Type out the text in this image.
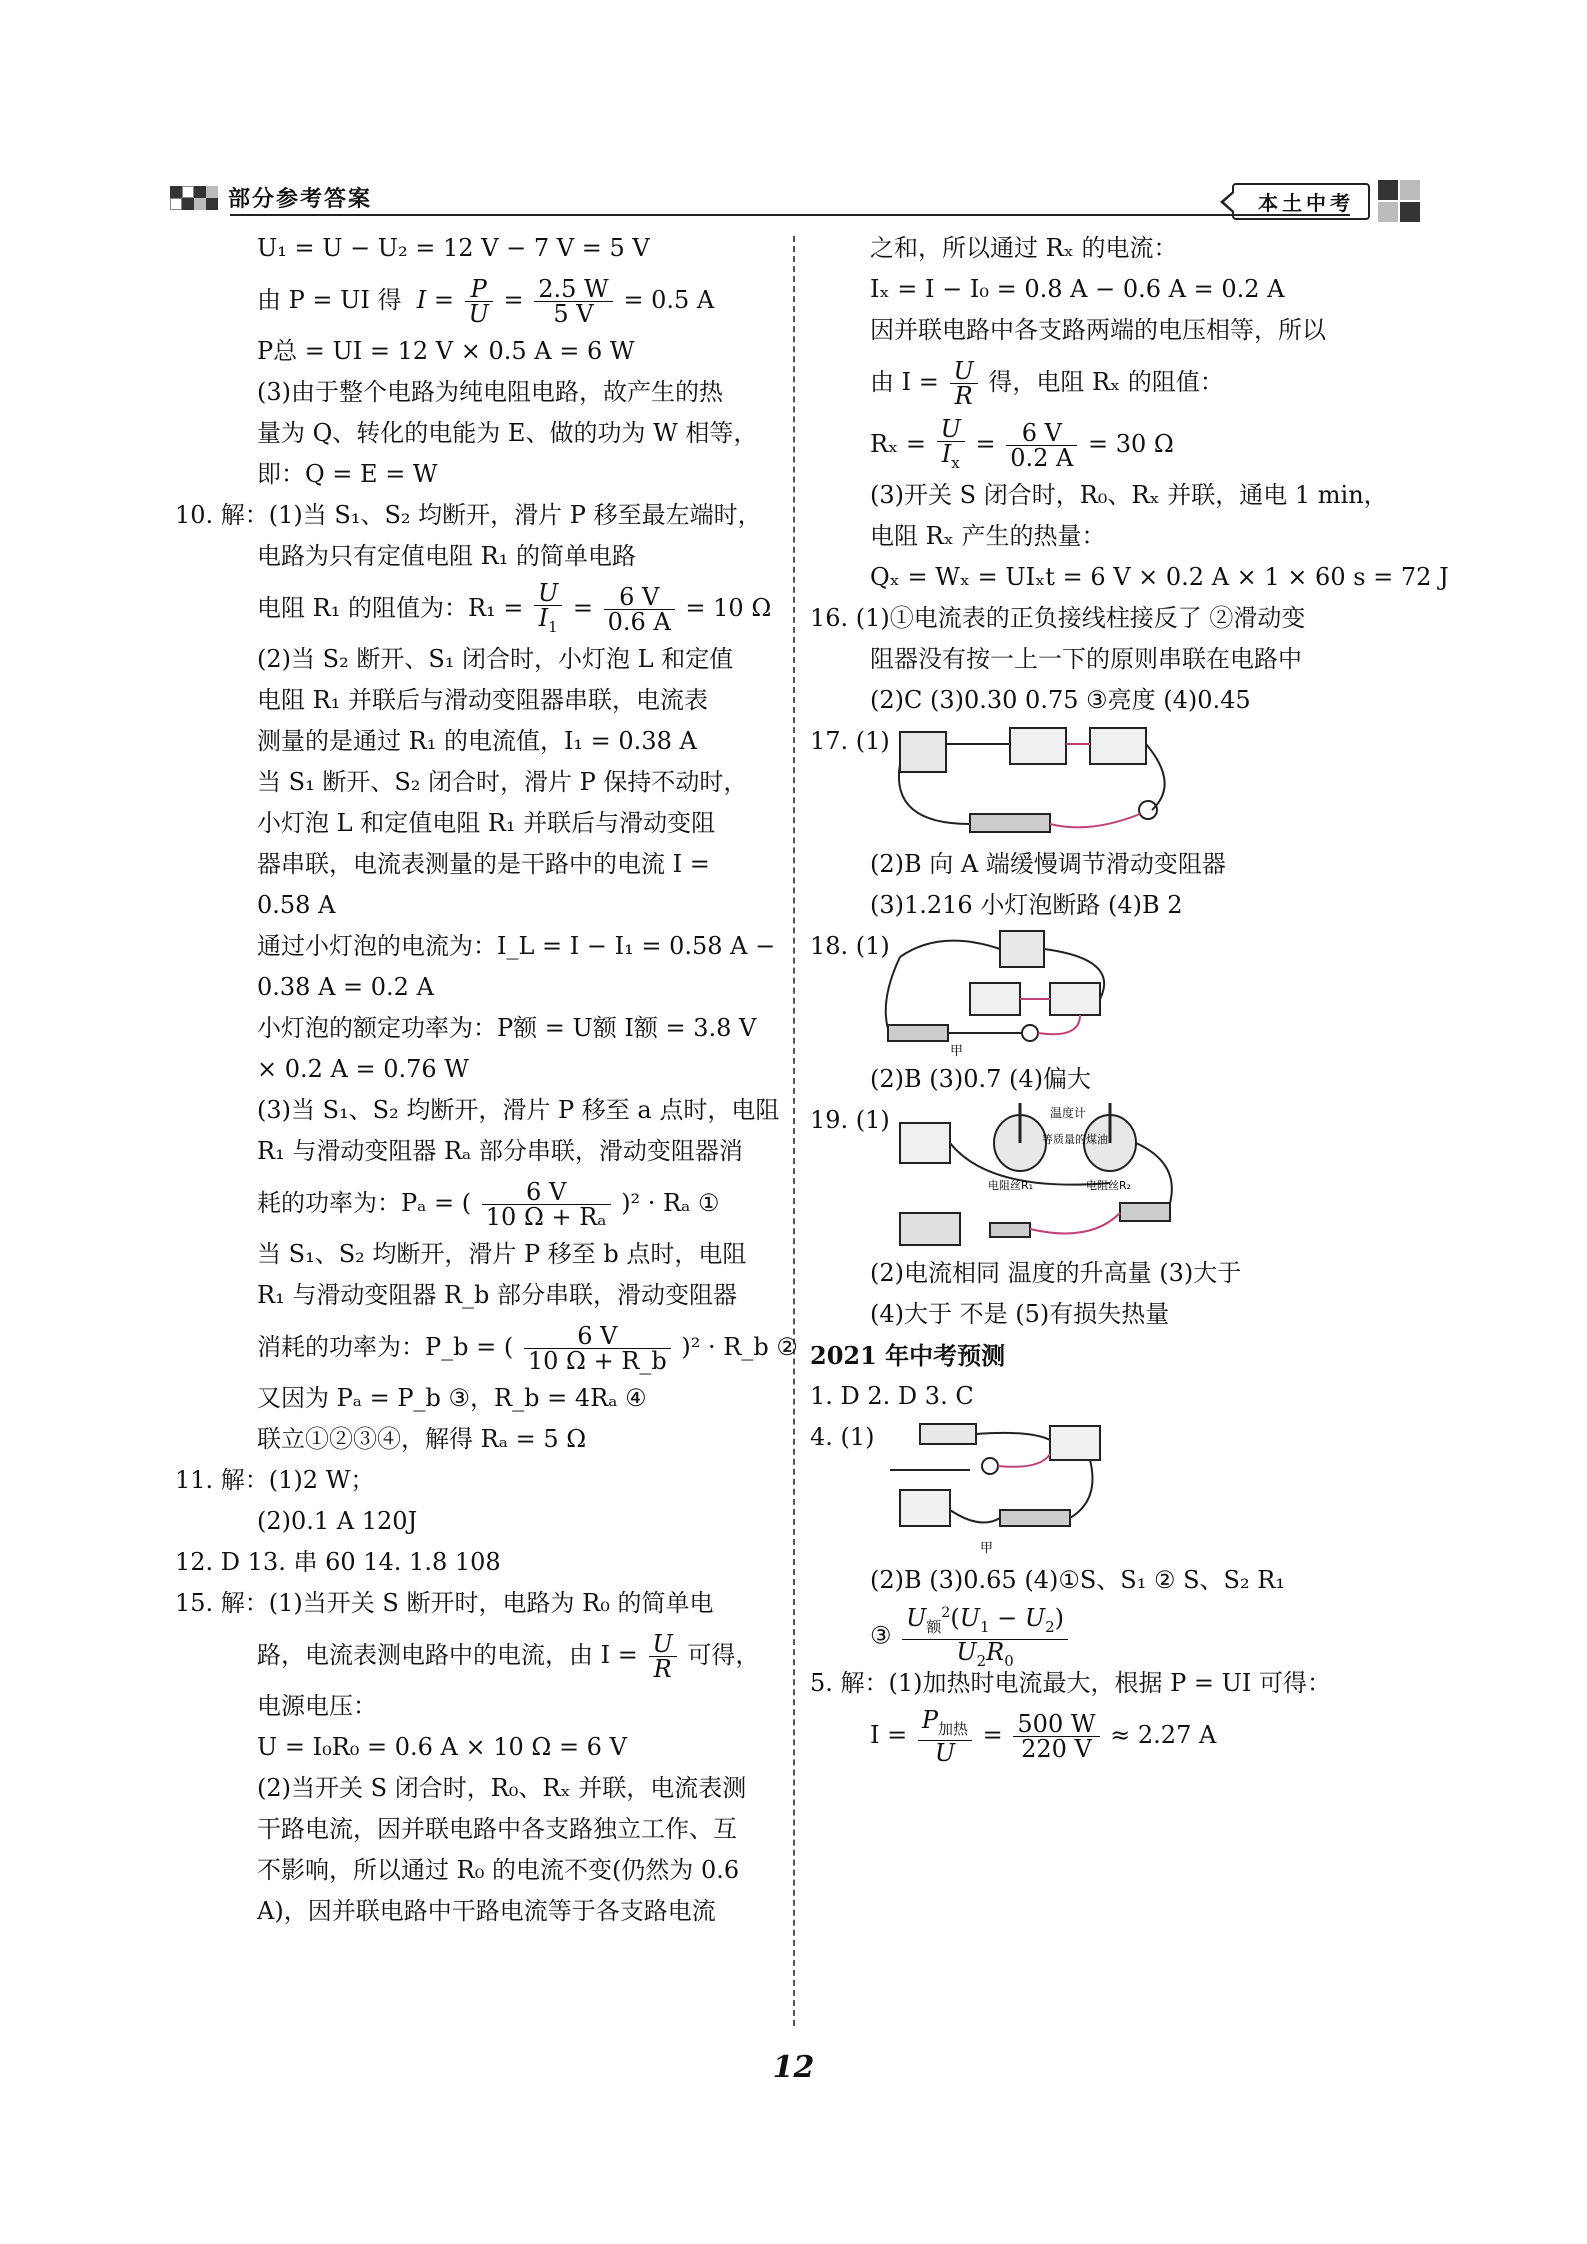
部分参考答案	本土中考
U₁ = U − U₂ = 12 V − 7 V = 5 V
由 P = UI 得 $I = \frac{P}{U} = \frac{2.5 W}{5 V} = 0.5$ A
P总 = UI = 12 V × 0.5 A = 6 W
(3)由于整个电路为纯电阻电路，故产生的热
量为 Q、转化的电能为 E、做的功为 W 相等，
即：Q = E = W
10. 解：(1)当 S₁、S₂ 均断开，滑片 P 移至最左端时，
电路为只有定值电阻 R₁ 的简单电路
电阻 R₁ 的阻值为：$R_1 = \frac{U}{I_1} = \frac{6 V}{0.6 A} = 10$ Ω
(2)当 S₂ 断开、S₁ 闭合时，小灯泡 L 和定值
电阻 R₁ 并联后与滑动变阻器串联，电流表
测量的是通过 R₁ 的电流值，I₁ = 0.38 A
当 S₁ 断开、S₂ 闭合时，滑片 P 保持不动时，
小灯泡 L 和定值电阻 R₁ 并联后与滑动变阻
器串联，电流表测量的是干路中的电流 I =
0.58 A
通过小灯泡的电流为：I_L = I − I₁ = 0.58 A −
0.38 A = 0.2 A
小灯泡的额定功率为：P额 = U额 I额 = 3.8 V
× 0.2 A = 0.76 W
(3)当 S₁、S₂ 均断开，滑片 P 移至 a 点时，电阻
R₁ 与滑动变阻器 Rₐ 部分串联，滑动变阻器消
耗的功率为：Pₐ = ( $\frac{6 V}{\text{10 Ω + Rₐ}} )^2 \cdot R_a$ ①
当 S₁、S₂ 均断开，滑片 P 移至 b 点时，电阻
R₁ 与滑动变阻器 R_b 部分串联，滑动变阻器
消耗的功率为：P_b = ( $\frac{6 V}{10 \Omega + R\_b} )^2$ · R_b ②
又因为 Pₐ = P_b ③，R_b = 4Rₐ ④
联立①②③④，解得 Rₐ = 5 Ω
11. 解：(1)2 W；
(2)0.1 A 120J
12. D 13. 串 60 14. 1.8 108
15. 解：(1)当开关 S 断开时，电路为 R₀ 的简单电
路，电流表测电路中的电流，由 $I = \frac{U}{R}$ 可得，
电源电压：
U = I₀R₀ = 0.6 A × 10 Ω = 6 V
(2)当开关 S 闭合时，R₀、Rₓ 并联，电流表测
干路电流，因并联电路中各支路独立工作、互
不影响，所以通过 R₀ 的电流不变(仍然为 0.6
A)，因并联电路中干路电流等于各支路电流
之和，所以通过 Rₓ 的电流：
Iₓ = I − I₀ = 0.8 A − 0.6 A = 0.2 A
因并联电路中各支路两端的电压相等，所以
由 $I = \frac{U}{R}$ 得，电阻 Rₓ 的阻值：
$R_x = \frac{U}{I_x} = \frac{6 V}{0.2 A} = 30$ Ω
(3)开关 S 闭合时，R₀、Rₓ 并联，通电 1 min，
电阻 Rₓ 产生的热量：
Qₓ = Wₓ = UIₓt = 6 V × 0.2 A × 1 × 60 s = 72 J
16. (1)①电流表的正负接线柱接反了 ②滑动变
阻器没有按一上一下的原则串联在电路中
(2)C (3)0.30 0.75 ③亮度 (4)0.45
17. (1)
(2)B 向 A 端缓慢调节滑动变阻器
(3)1.216 小灯泡断路 (4)B 2
18. (1)
甲
(2)B (3)0.7 (4)偏大
19. (1)	温度计
等质量的煤油
电阻丝R₁	电阻丝R₂
(2)电流相同 温度的升高量 (3)大于
(4)大于 不是 (5)有损失热量
2021 年中考预测
1. D 2. D 3. C
4. (1)
甲
(2)B (3)0.65 (4)①S、S₁ ② S、S₂ R₁
③ $\frac{U_额^2(U_1 - U_2)}{U_2R_0}$
5. 解：(1)加热时电流最大，根据 P = UI 可得：
$I = \frac{P_{加热}}{U} = \frac{500 W}{220 V} \approx 2.27$ A
12
